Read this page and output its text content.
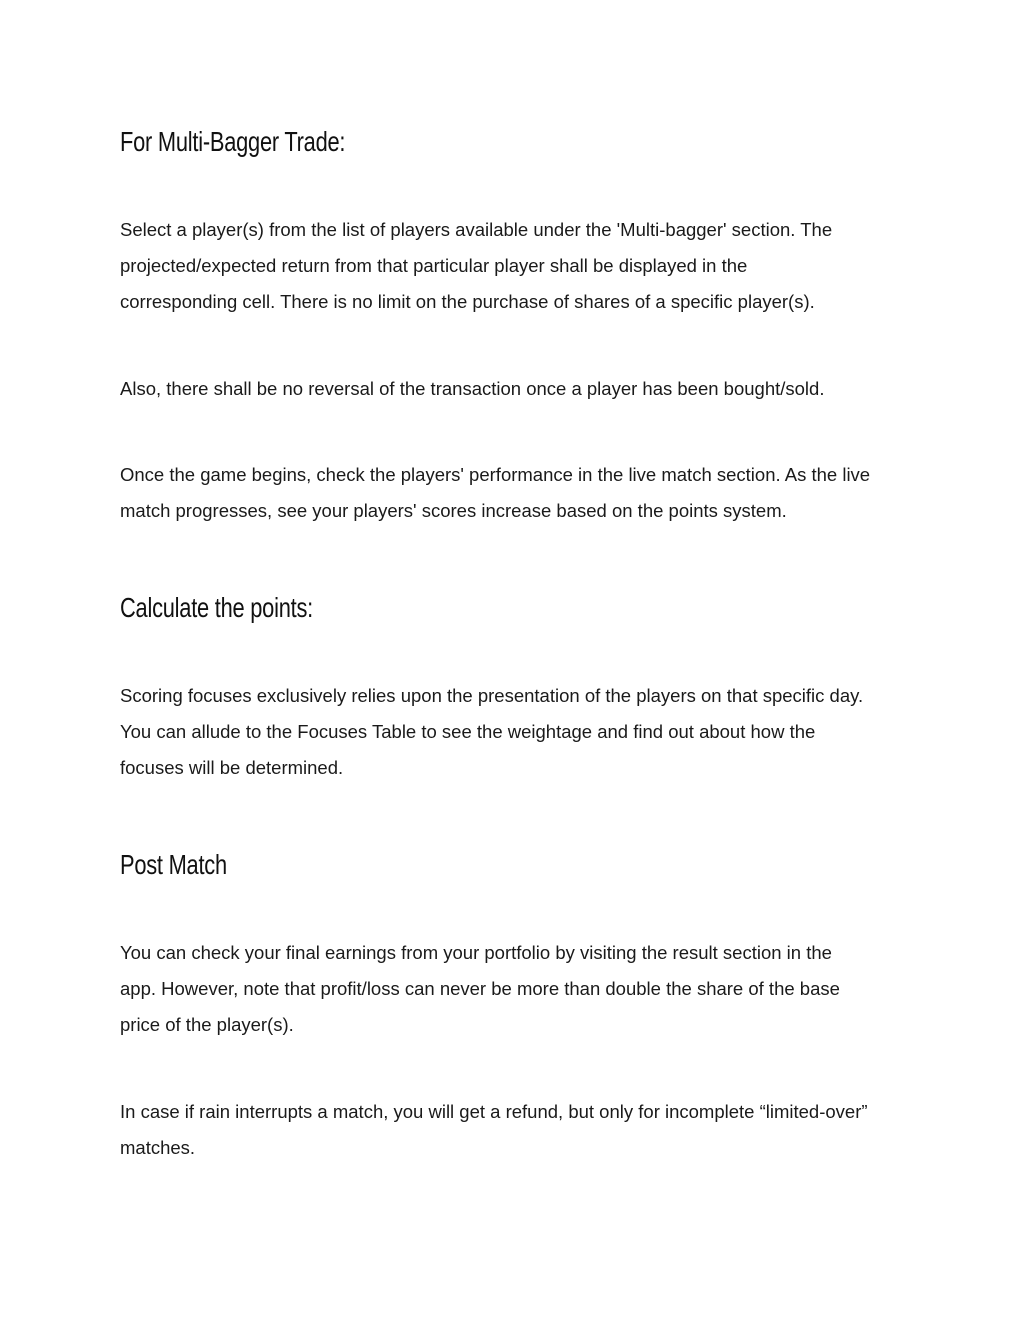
For Multi-Bagger Trade:

Select a player(s) from the list of players available under the 'Multi-bagger' section. The
projected/expected return from that particular player shall be displayed in the
corresponding cell. There is no limit on the purchase of shares of a specific player(s).

Also, there shall be no reversal of the transaction once a player has been bought/sold.

Once the game begins, check the players' performance in the live match section. As the live
match progresses, see your players' scores increase based on the points system.

Calculate the points:

Scoring focuses exclusively relies upon the presentation of the players on that specific day.
You can allude to the Focuses Table to see the weightage and find out about how the
focuses will be determined.

Post Match

You can check your final earnings from your portfolio by visiting the result section in the
app. However, note that profit/loss can never be more than double the share of the base
price of the player(s).

In case if rain interrupts a match, you will get a refund, but only for incomplete “limited-over”
matches.
